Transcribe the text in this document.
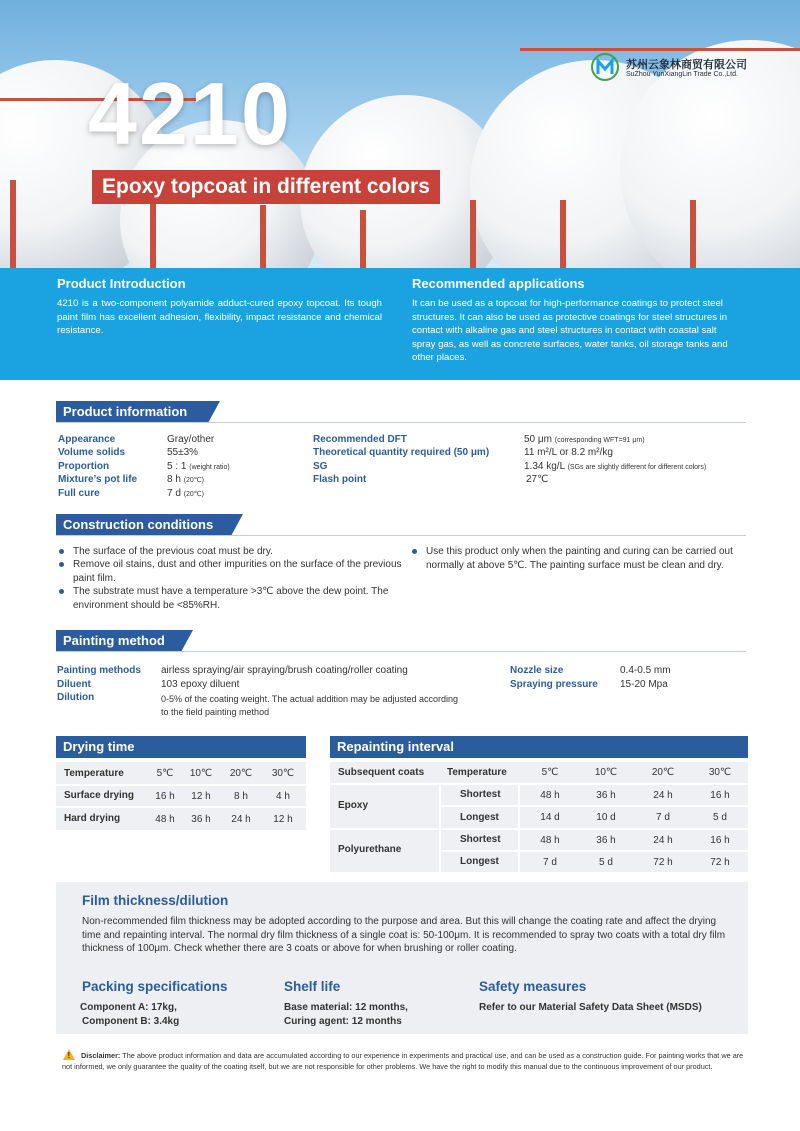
4210
Epoxy topcoat in different colors
苏州云象林商贸有限公司
SuZhou YunXiangLin Trade Co.,Ltd.
Product Introduction
4210 is a two-component polyamide adduct-cured epoxy topcoat. Its tough paint film has excellent adhesion, flexibility, impact resistance and chemical resistance.
Recommended applications
It can be used as a topcoat for high-performance coatings to protect steel structures. It can also be used as protective coatings for steel structures in contact with alkaline gas and steel structures in contact with coastal salt spray gas, as well as concrete surfaces, water tanks, oil storage tanks and other places.
Product information
Appearance	Gray/other
Volume solids	55±3%
Proportion	5 : 1 (weight ratio)
Mixture’s pot life	8 h (20℃)
Full cure	7 d (20℃)
Recommended DFT	50 μm (corresponding WFT=91 μm)
Theoretical quantity required (50 μm)	11 m²/L or 8.2 m²/kg
SG	1.34 kg/L (SGs are slightly different for different colors)
Flash point	27℃
Construction conditions
The surface of the previous coat must be dry.
Remove oil stains, dust and other impurities on the surface of the previous paint film.
The substrate must have a temperature >3℃ above the dew point. The environment should be <85%RH.
Use this product only when the painting and curing can be carried out normally at above 5℃. The painting surface must be clean and dry.
Painting method
Painting methods airless spraying/air spraying/brush coating/roller coating
Diluent	103 epoxy diluent
Dilution	0-5% of the coating weight. The actual addition may be adjusted according to the field painting method
Nozzle size	0.4-0.5 mm
Spraying pressure 15-20 Mpa
Drying time
Temperature	5℃	10℃	20℃	30℃
Surface drying	16 h	12 h	8 h	4 h
Hard drying	48 h	36 h	24 h	12 h
Repainting interval
Subsequent coats Temperature	5℃	10℃	20℃	30℃
Epoxy
Shortest	48 h	36 h	24 h	16 h
Longest	14 d	10 d	7 d	5 d
Polyurethane
Shortest	48 h	36 h	24 h	16 h
Longest	7 d	5 d	72 h	72 h
Film thickness/dilution
Non-recommended film thickness may be adopted according to the purpose and area. But this will change the coating rate and affect the drying time and repainting interval. The normal dry film thickness of a single coat is: 50-100μm. It is recommended to spray two coats with a total dry film thickness of 100μm. Check whether there are 3 coats or above for when brushing or roller coating.
Packing specifications
Component A: 17kg,
Component B: 3.4kg
Shelf life
Base material: 12 months,
Curing agent: 12 months
Safety measures
Refer to our Material Safety Data Sheet (MSDS)
!	Disclaimer: The above product information and data are accumulated according to our experience in experiments and practical use, and can be used as a construction guide. For painting works that we are not informed, we only guarantee the quality of the coating itself, but we are not responsible for other problems. We have the right to modify this manual due to the continuous improvement of our product.
